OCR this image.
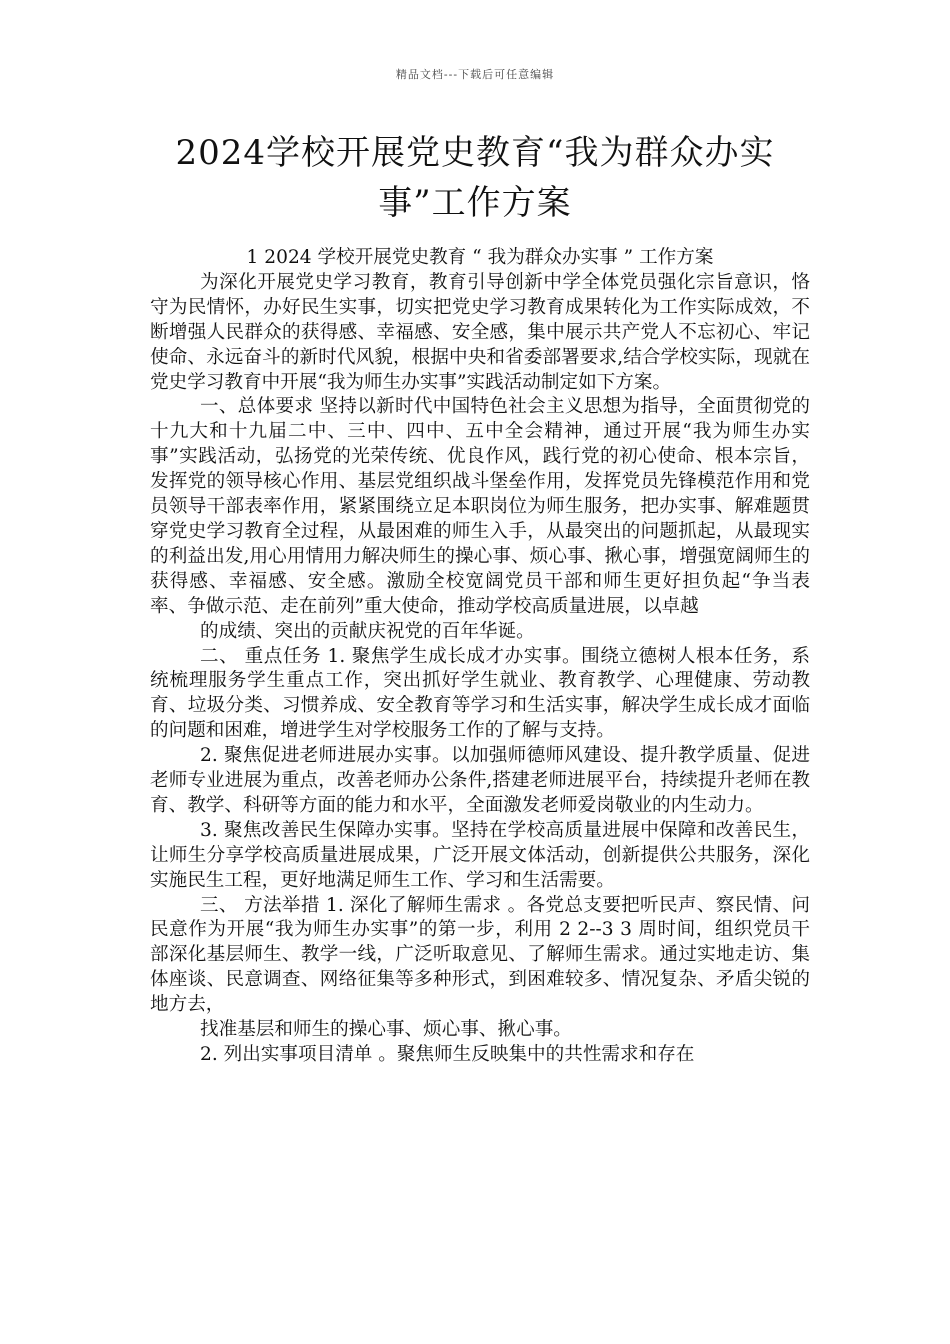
精品文档---下载后可任意编辑
2024学校开展党史教育“我为群众办实
事”工作方案

1 2024 学校开展党史教育 “ 我为群众办实事 ” 工作方案

为深化开展党史学习教育，教育引导创新中学全体党员强化宗旨意识，恪守为民情怀，办好民生实事，切实把党史学习教育成果转化为工作实际成效，不断增强人民群众的获得感、幸福感、安全感，集中展示共产党人不忘初心、牢记使命、永远奋斗的新时代风貌，根据中央和省委部署要求,结合学校实际，现就在党史学习教育中开展“我为师生办实事”实践活动制定如下方案。

一、总体要求 坚持以新时代中国特色社会主义思想为指导，全面贯彻党的十九大和十九届二中、三中、四中、五中全会精神，通过开展“我为师生办实事”实践活动，弘扬党的光荣传统、优良作风，践行党的初心使命、根本宗旨，发挥党的领导核心作用、基层党组织战斗堡垒作用，发挥党员先锋模范作用和党员领导干部表率作用，紧紧围绕立足本职岗位为师生服务，把办实事、解难题贯穿党史学习教育全过程，从最困难的师生入手，从最突出的问题抓起，从最现实的利益出发,用心用情用力解决师生的操心事、烦心事、揪心事，增强宽阔师生的获得感、幸福感、安全感。激励全校宽阔党员干部和师生更好担负起“争当表率、争做示范、走在前列”重大使命，推动学校高质量进展，以卓越

的成绩、突出的贡献庆祝党的百年华诞。

二、 重点任务 1. 聚焦学生成长成才办实事。围绕立德树人根本任务，系统梳理服务学生重点工作，突出抓好学生就业、教育教学、心理健康、劳动教育、垃圾分类、习惯养成、安全教育等学习和生活实事，解决学生成长成才面临的问题和困难，增进学生对学校服务工作的了解与支持。

2. 聚焦促进老师进展办实事。以加强师德师风建设、提升教学质量、促进老师专业进展为重点，改善老师办公条件,搭建老师进展平台，持续提升老师在教育、教学、科研等方面的能力和水平，全面激发老师爱岗敬业的内生动力。

3. 聚焦改善民生保障办实事。坚持在学校高质量进展中保障和改善民生，让师生分享学校高质量进展成果，广泛开展文体活动，创新提供公共服务，深化实施民生工程，更好地满足师生工作、学习和生活需要。

三、 方法举措 1. 深化了解师生需求 。各党总支要把听民声、察民情、问民意作为开展“我为师生办实事”的第一步，利用 2 2--3 3 周时间，组织党员干部深化基层师生、教学一线，广泛听取意见、了解师生需求。通过实地走访、集体座谈、民意调查、网络征集等多种形式，到困难较多、情况复杂、矛盾尖锐的地方去，

找准基层和师生的操心事、烦心事、揪心事。

2. 列出实事项目清单 。聚焦师生反映集中的共性需求和存在
